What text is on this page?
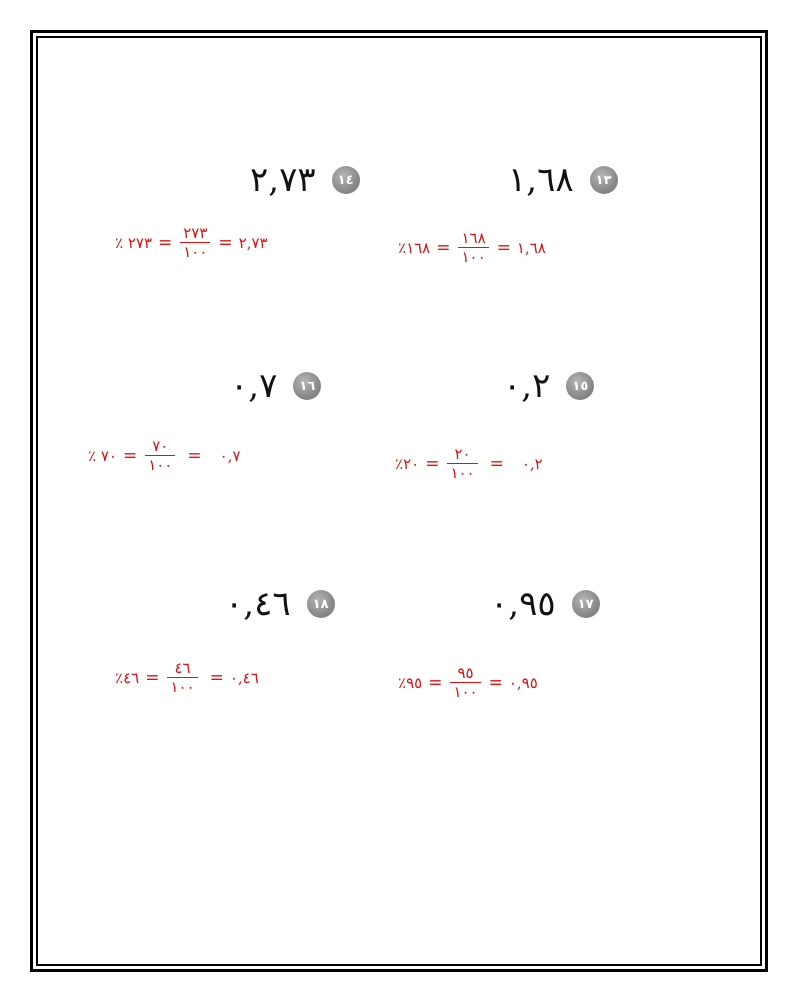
٢,٧٣	١٤	١,٦٨	١٣
٪ ٢٧٣ = $\frac{٢٧٣}{١٠٠}$ = ٢,٧٣	٪١٦٨ = $\frac{١٦٨}{١٠٠}$ = ١,٦٨
٠,٧	١٦	٠,٢	١٥
٪ ٧٠ = $\frac{٧٠}{١٠٠}$ = ٠,٧	٪٢٠ = $\frac{٢٠}{١٠٠}$ = ٠,٢
٠,٤٦	١٨	٠,٩٥	١٧
٪٤٦ = $\frac{٤٦}{١٠٠}$ = ٠,٤٦	٪٩٥ = $\frac{٩٥}{١٠٠}$ = ٠,٩٥
